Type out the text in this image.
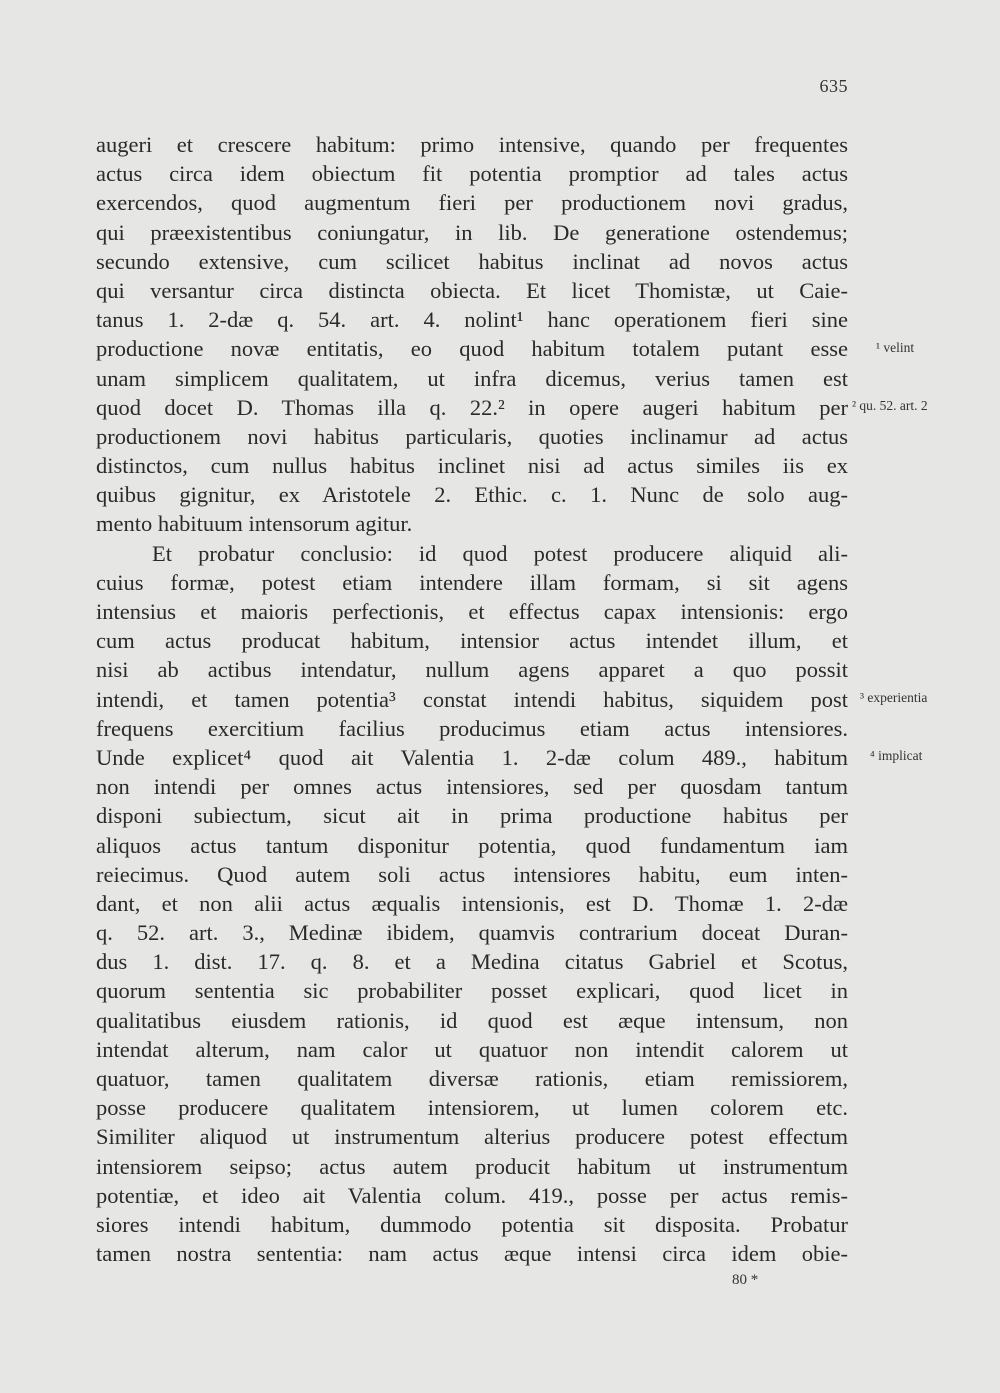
635
augeri et crescere habitum: primo intensive, quando per frequentes
actus circa idem obiectum fit potentia promptior ad tales actus
exercendos, quod augmentum fieri per productionem novi gradus,
qui præexistentibus coniungatur, in lib. De generatione ostendemus;
secundo extensive, cum scilicet habitus inclinat ad novos actus
qui versantur circa distincta obiecta. Et licet Thomistæ, ut Caie-
tanus 1. 2-dæ q. 54. art. 4. nolint¹ hanc operationem fieri sine
productione novæ entitatis, eo quod habitum totalem putant esse
unam simplicem qualitatem, ut infra dicemus, verius tamen est
quod docet D. Thomas illa q. 22.² in opere augeri habitum per
productionem novi habitus particularis, quoties inclinamur ad actus
distinctos, cum nullus habitus inclinet nisi ad actus similes iis ex
quibus gignitur, ex Aristotele 2. Ethic. c. 1. Nunc de solo aug-
mento habituum intensorum agitur.
Et probatur conclusio: id quod potest producere aliquid ali-
cuius formæ, potest etiam intendere illam formam, si sit agens
intensius et maioris perfectionis, et effectus capax intensionis: ergo
cum actus producat habitum, intensior actus intendet illum, et
nisi ab actibus intendatur, nullum agens apparet a quo possit
intendi, et tamen potentia³ constat intendi habitus, siquidem post
frequens exercitium facilius producimus etiam actus intensiores.
Unde explicet⁴ quod ait Valentia 1. 2-dæ colum 489., habitum
non intendi per omnes actus intensiores, sed per quosdam tantum
disponi subiectum, sicut ait in prima productione habitus per
aliquos actus tantum disponitur potentia, quod fundamentum iam
reiecimus. Quod autem soli actus intensiores habitu, eum inten-
dant, et non alii actus æqualis intensionis, est D. Thomæ 1. 2-dæ
q. 52. art. 3., Medinæ ibidem, quamvis contrarium doceat Duran-
dus 1. dist. 17. q. 8. et a Medina citatus Gabriel et Scotus,
quorum sententia sic probabiliter posset explicari, quod licet in
qualitatibus eiusdem rationis, id quod est æque intensum, non
intendat alterum, nam calor ut quatuor non intendit calorem ut
quatuor, tamen qualitatem diversæ rationis, etiam remissiorem,
posse producere qualitatem intensiorem, ut lumen colorem etc.
Similiter aliquod ut instrumentum alterius producere potest effectum
intensiorem seipso; actus autem producit habitum ut instrumentum
potentiæ, et ideo ait Valentia colum. 419., posse per actus remis-
siores intendi habitum, dummodo potentia sit disposita. Probatur
tamen nostra sententia: nam actus æque intensi circa idem obie-
¹ velint
² qu. 52. art. 2
³ experientia
⁴ implicat
80 *
